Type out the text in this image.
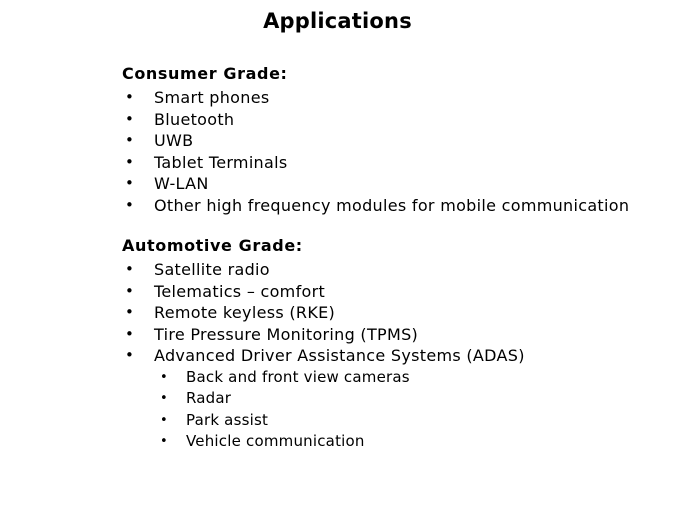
Applications
Consumer Grade:
• Smart phones
• Bluetooth
• UWB
• Tablet Terminals
• W-LAN
• Other high frequency modules for mobile communication
Automotive Grade:
• Satellite radio
• Telematics – comfort
• Remote keyless (RKE)
• Tire Pressure Monitoring (TPMS)
• Advanced Driver Assistance Systems (ADAS)
• Back and front view cameras
• Radar
• Park assist
• Vehicle communication
